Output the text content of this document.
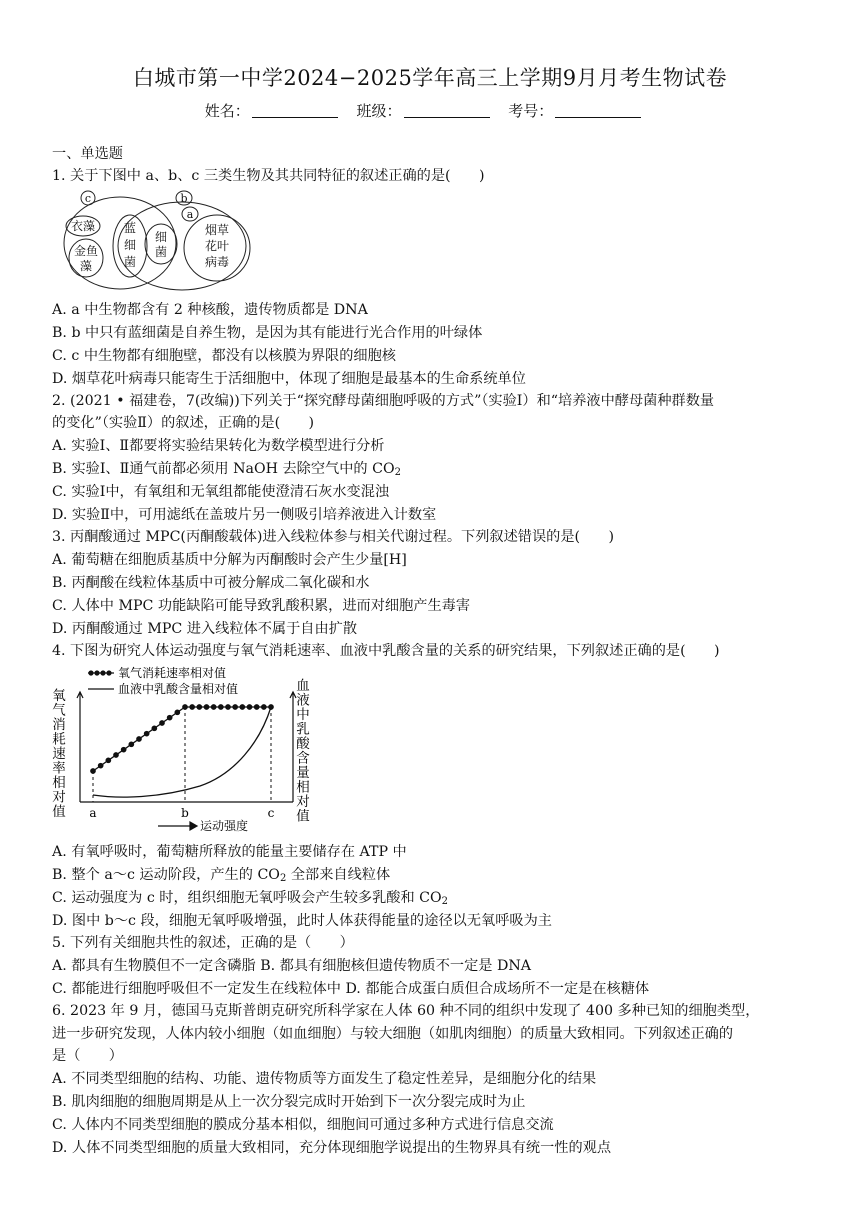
白城市第一中学2024−2025学年高三上学期9月月考生物试卷
姓名：	班级：	考号：
一、单选题
1. 关于下图中 a、b、c 三类生物及其共同特征的叙述正确的是(　　)
c	b
a
衣藻
金鱼
藻
蓝
细
菌
细
菌
烟草
花叶
病毒
A. a 中生物都含有 2 种核酸，遗传物质都是 DNA
B. b 中只有蓝细菌是自养生物，是因为其有能进行光合作用的叶绿体
C. c 中生物都有细胞壁，都没有以核膜为界限的细胞核
D. 烟草花叶病毒只能寄生于活细胞中，体现了细胞是最基本的生命系统单位
2. (2021 • 福建卷，7(改编))下列关于“探究酵母菌细胞呼吸的方式”（实验Ⅰ）和“培养液中酵母菌种群数量
的变化”（实验Ⅱ）的叙述，正确的是(　　)
A. 实验Ⅰ、Ⅱ都要将实验结果转化为数学模型进行分析
B. 实验Ⅰ、Ⅱ通气前都必须用 NaOH 去除空气中的 $CO_2$
C. 实验Ⅰ中，有氧组和无氧组都能使澄清石灰水变混浊
D. 实验Ⅱ中，可用滤纸在盖玻片另一侧吸引培养液进入计数室
3. 丙酮酸通过 MPC(丙酮酸载体)进入线粒体参与相关代谢过程。下列叙述错误的是(　　)
A. 葡萄糖在细胞质基质中分解为丙酮酸时会产生少量[H]
B. 丙酮酸在线粒体基质中可被分解成二氧化碳和水
C. 人体中 MPC 功能缺陷可能导致乳酸积累，进而对细胞产生毒害
D. 丙酮酸通过 MPC 进入线粒体不属于自由扩散
4. 下图为研究人体运动强度与氧气消耗速率、血液中乳酸含量的关系的研究结果，下列叙述正确的是(　　)
氧气消耗速率相对值
血液中乳酸含量相对值
a	b	c
运动强度
氧气消耗速率相对值
血液中乳酸含量相对值
A. 有氧呼吸时，葡萄糖所释放的能量主要储存在 ATP 中
B. 整个 a～c 运动阶段，产生的 $CO_2$ 全部来自线粒体
C. 运动强度为 c 时，组织细胞无氧呼吸会产生较多乳酸和 $CO_2$
D. 图中 b～c 段，细胞无氧呼吸增强，此时人体获得能量的途径以无氧呼吸为主
5. 下列有关细胞共性的叙述，正确的是（　　）
A. 都具有生物膜但不一定含磷脂 B. 都具有细胞核但遗传物质不一定是 DNA
C. 都能进行细胞呼吸但不一定发生在线粒体中 D. 都能合成蛋白质但合成场所不一定是在核糖体
6. 2023 年 9 月，德国马克斯普朗克研究所科学家在人体 60 种不同的组织中发现了 400 多种已知的细胞类型，
进一步研究发现，人体内较小细胞（如血细胞）与较大细胞（如肌肉细胞）的质量大致相同。下列叙述正确的
是（　　）
A. 不同类型细胞的结构、功能、遗传物质等方面发生了稳定性差异，是细胞分化的结果
B. 肌肉细胞的细胞周期是从上一次分裂完成时开始到下一次分裂完成时为止
C. 人体内不同类型细胞的膜成分基本相似，细胞间可通过多种方式进行信息交流
D. 人体不同类型细胞的质量大致相同，充分体现细胞学说提出的生物界具有统一性的观点
